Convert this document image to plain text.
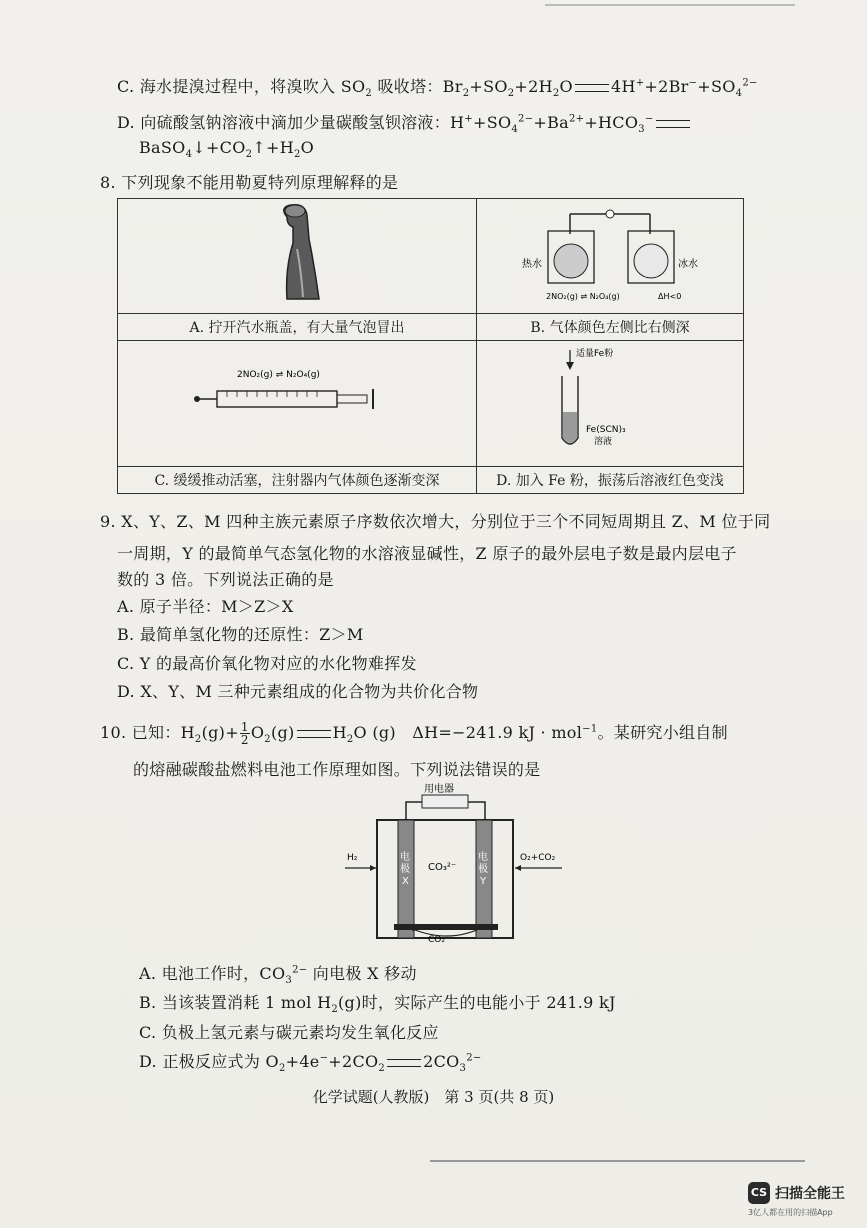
C. 海水提溴过程中，将溴吹入 $SO_2$ 吸收塔：$Br_2+SO_2+2H_2O$ $4H^++2Br^-+SO_4^{2-}$
D. 向硫酸氢钠溶液中滴加少量碳酸氢钡溶液：$H^++SO_4^{2-}+Ba^{2+}+HCO_3^-$
$BaSO_4↓+CO_2↑+H_2O$
8. 下列现象不能用勒夏特列原理解释的是

热水 冰水
2NO₂(g) ⇌ N₂O₄(g) ΔH<0

A. 拧开汽水瓶盖，有大量气泡冒出	B. 气体颜色左侧比右侧深

2NO₂(g) ⇌ N₂O₄(g)	适量Fe粉
Fe(SCN)₃
溶液

C. 缓缓推动活塞，注射器内气体颜色逐渐变深	D. 加入 Fe 粉，振荡后溶液红色变浅
9. X、Y、Z、M 四种主族元素原子序数依次增大，分别位于三个不同短周期且 Z、M 位于同
一周期，Y 的最简单气态氢化物的水溶液显碱性，Z 原子的最外层电子数是最内层电子
数的 3 倍。下列说法正确的是
A. 原子半径：M＞Z＞X
B. 最简单氢化物的还原性：Z＞M
C. Y 的最高价氧化物对应的水化物难挥发
D. X、Y、M 三种元素组成的化合物为共价化合物
10. 已知：$H_2(g)+ \frac{1}{2} O_2(g)$ $H_2O$ (g)　ΔH=−241.9 kJ · mol$^{-1}$。某研究小组自制
的熔融碳酸盐燃料电池工作原理如图。下列说法错误的是
用电器
电
极
X
电
极
Y
CO₃²⁻
CO₂
H₂	O₂+CO₂
A. 电池工作时，$CO_3^{2-}$ 向电极 X 移动
B. 当该装置消耗 1 mol $H_2(g)$时，实际产生的电能小于 241.9 kJ
C. 负极上氢元素与碳元素均发生氧化反应
D. 正极反应式为 $O_2+4e^-+2CO_2$ $2CO_3^{2-}$
化学试题(人教版)　第 3 页(共 8 页)
CS 扫描全能王
3亿人都在用的扫描App
